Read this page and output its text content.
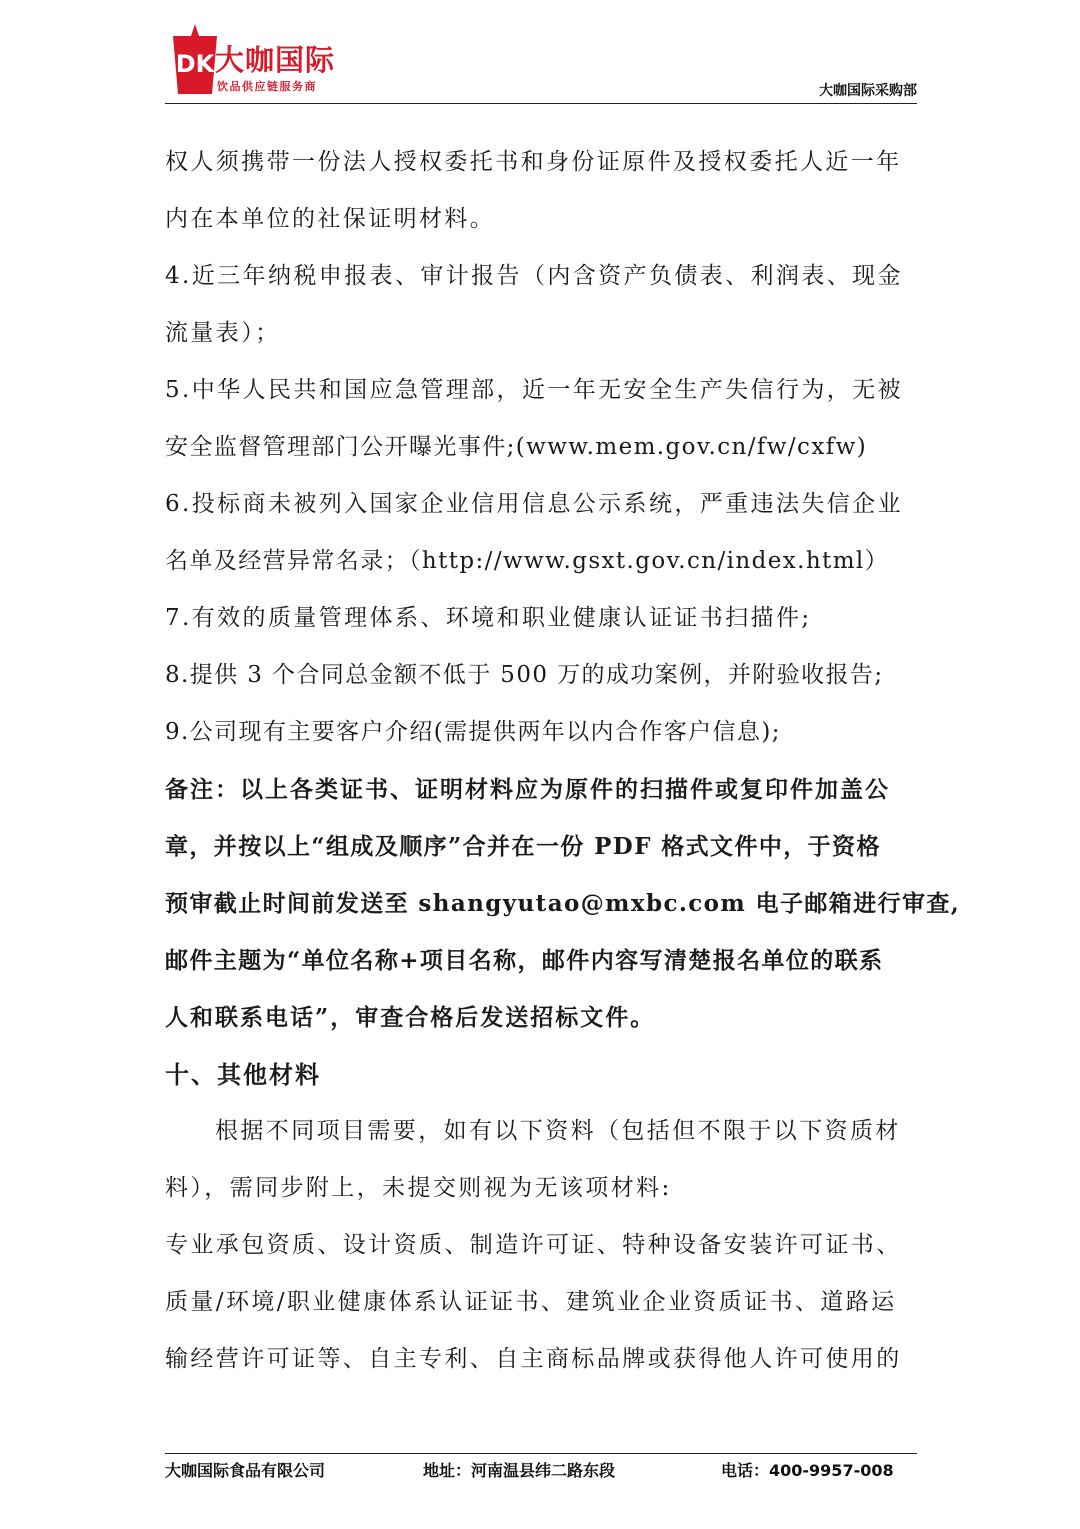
DK 大咖国际
饮品供应链服务商	大咖国际采购部
权人须携带一份法人授权委托书和身份证原件及授权委托人近一年
内在本单位的社保证明材料。
4.近三年纳税申报表、审计报告（内含资产负债表、利润表、现金
流量表）；
5.中华人民共和国应急管理部，近一年无安全生产失信行为，无被
安全监督管理部门公开曝光事件;(www.mem.gov.cn/fw/cxfw)
6.投标商未被列入国家企业信用信息公示系统，严重违法失信企业
名单及经营异常名录；（http://www.gsxt.gov.cn/index.html）
7.有效的质量管理体系、环境和职业健康认证证书扫描件;
8.提供 3 个合同总金额不低于 500 万的成功案例，并附验收报告;
9.公司现有主要客户介绍(需提供两年以内合作客户信息);
备注：以上各类证书、证明材料应为原件的扫描件或复印件加盖公
章，并按以上“组成及顺序”合并在一份 PDF 格式文件中，于资格
预审截止时间前发送至 shangyutao@mxbc.com 电子邮箱进行审查,
邮件主题为“单位名称+项目名称，邮件内容写清楚报名单位的联系
人和联系电话”，审查合格后发送招标文件。
十、其他材料
根据不同项目需要，如有以下资料（包括但不限于以下资质材
料），需同步附上，未提交则视为无该项材料:
专业承包资质、设计资质、制造许可证、特种设备安装许可证书、
质量/环境/职业健康体系认证证书、建筑业企业资质证书、道路运
输经营许可证等、自主专利、自主商标品牌或获得他人许可使用的
大咖国际食品有限公司	地址：河南温县纬二路东段	电话：400-9957-008
